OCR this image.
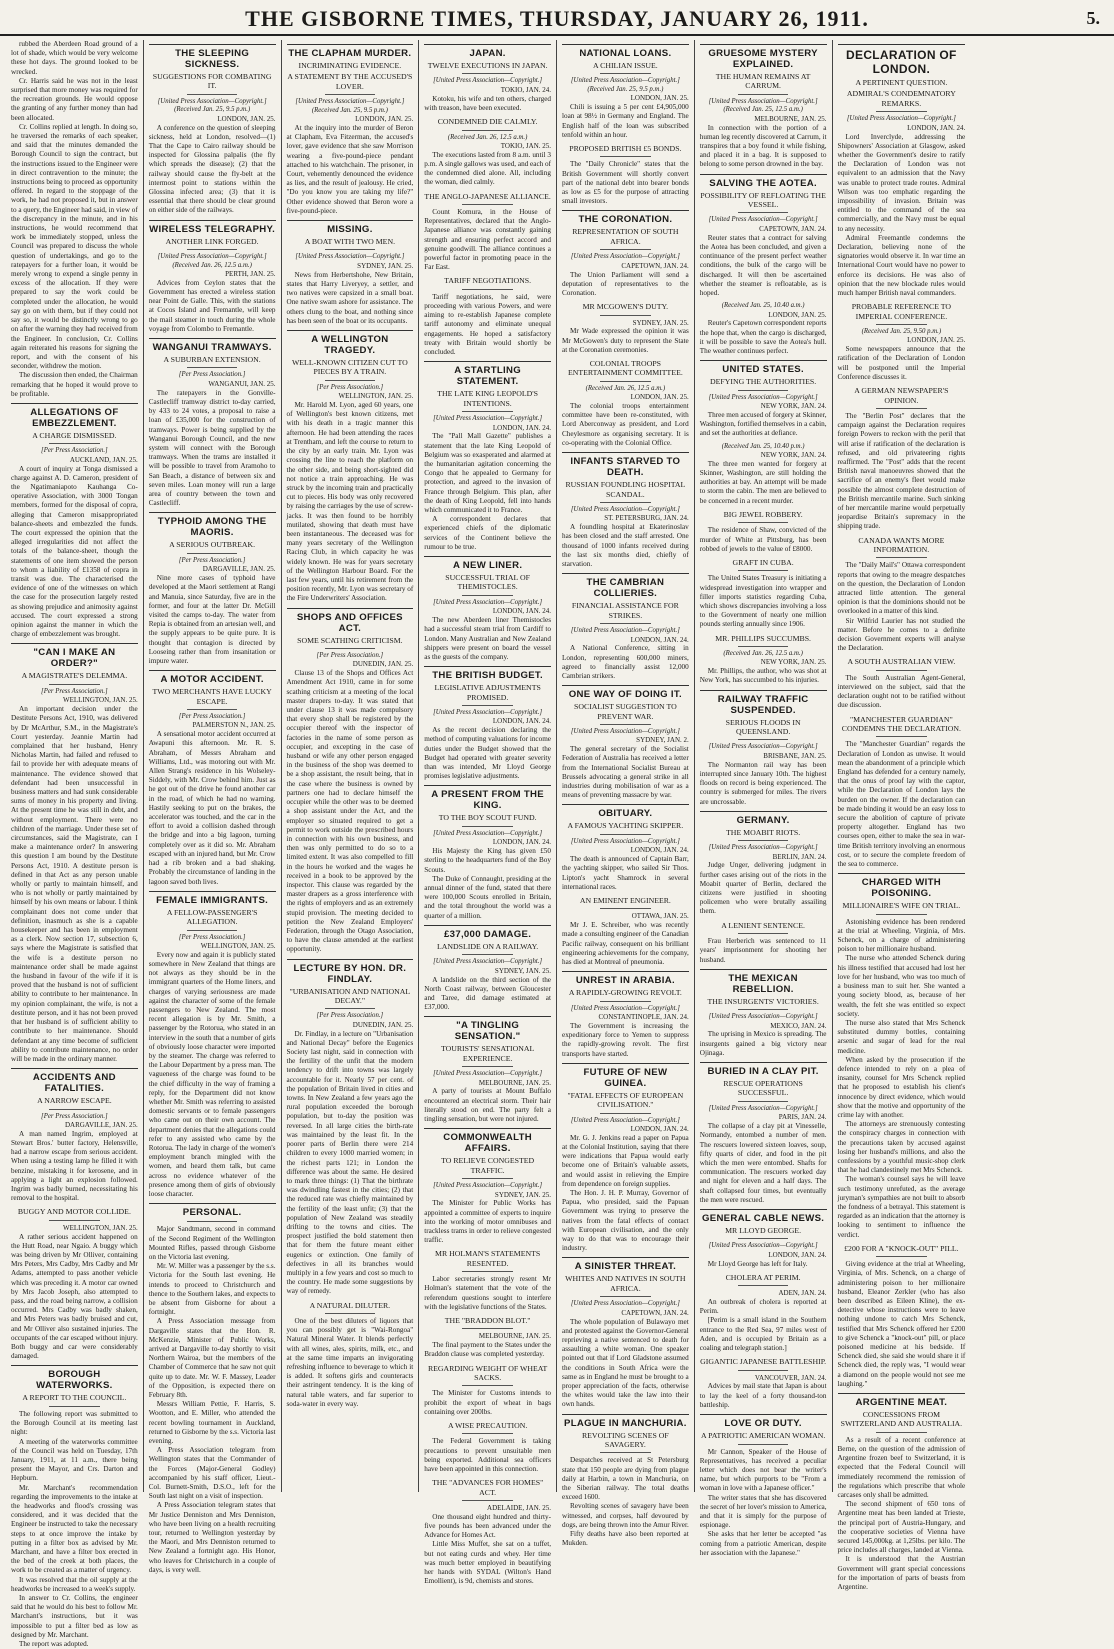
THE GISBORNE TIMES, THURSDAY, JANUARY 26, 1911.	5.

rubbed the Aberdeen Road ground of a lot of shade, which would be very welcome these hot days. The ground looked to be wrecked.

Cr. Harris said he was not in the least surprised that more money was required for the recreation grounds. He would oppose the granting of any further money than had been allocated.

Cr. Collins replied at length. In doing so, he traversed the remarks of each speaker, and said that the minutes demanded the Borough Council to sign the contract, but the instructions issued to the Engineer were in direct contravention to the minute; the instructions being to proceed as opportunity offered. In regard to the stoppage of the work, he had not proposed it, but in answer to a query, the Engineer had said, in view of the discrepancy in the minute, and in his instructions, he would recommend that work be immediately stopped, unless the Council was prepared to discuss the whole question of undertakings, and go to the ratepayers for a further loan, it would be merely wrong to expend a single penny in excess of the allocation. If they were prepared to say the work could be completed under the allocation, he would say go on with them, but if they could not say so, it would be distinctly wrong to go on after the warning they had received from the Engineer. In conclusion, Cr. Collins again reiterated his reasons for signing the report, and with the consent of his seconder, withdrew the motion.

The discussion then ended, the Chairman remarking that he hoped it would prove to be profitable.

ALLEGATIONS OF EMBEZZLEMENT.
A CHARGE DISMISSED.
[Per Press Association.]
AUCKLAND, JAN. 25.

A court of inquiry at Tonga dismissed a charge against A. D. Cameron, president of the Ngatimaniapoto Kauhanga Co-operative Association, with 3000 Tongan members, formed for the disposal of copra, alleging that Cameron misappropriated balance-sheets and embezzled the funds. The court expressed the opinion that the alleged irregularities did not affect the totals of the balance-sheet, though the statements of one item showed the person to whom a liability of £1358 of copra in transit was due. The characterised the evidence of one of the witnesses on which the case for the prosecution largely rested as showing prejudice and animosity against accused. The court expressed a strong opinion against the manner in which the charge of embezzlement was brought.

"CAN I MAKE AN ORDER?"
A MAGISTRATE'S DELEMMA.
[Per Press Association.]
WELLINGTON, JAN. 25.

An important decision under the Destitute Persons Act, 1910, was delivered by Dr McArthur, S.M., in the Magistrate's Court yesterday. Jeannie Martin had complained that her husband, Henry Nicholas Martin, had failed and refused to fail to provide her with adequate means of maintenance. The evidence showed that defendant had been unsuccessful in business matters and had sunk considerable sums of money in his property and living. At the present time he was still in debt, and without employment. There were no children of the marriage. Under these set of circumstances, said the Magistrate, can I make a maintenance order? In answering this question I am bound by the Destitute Persons Act, 1910. A destitute person is defined in that Act as any person unable wholly or partly to maintain himself, and who is not wholly or partly maintained by himself by his own means or labour. I think complainant does not come under that definition, inasmuch as she is a capable housekeeper and has been in employment as a clerk. Now section 17, subsection 6, says where the Magistrate is satisfied that the wife is a destitute person no maintenance order shall be made against the husband in favour of the wife if it is proved that the husband is not of sufficient ability to contribute to her maintenance. In my opinion complainant, the wife, is not a destitute person, and it has not been proved that her husband is of sufficient ability to contribute to her maintenance. Should defendant at any time become of sufficient ability to contribute maintenance, no order will be made in the ordinary manner.

ACCIDENTS AND FATALITIES.
A NARROW ESCAPE.
[Per Press Association.]
DARGAVILLE, JAN. 25.

A man named Ingrim, employed at Stewart Bros.' butter factory, Helensville, had a narrow escape from serious accident. When using a testing lamp he filled it with benzine, mistaking it for kerosene, and in applying a light an explosion followed. Ingrim was badly burned, necessitating his removal to the hospital.

BUGGY AND MOTOR COLLIDE.
WELLINGTON, JAN. 25.

A rather serious accident happened on the Hutt Road, near Ngaio. A buggy which was being driven by Mr Olliver, containing Mrs Peters, Mrs Cadby, Mrs Cadby and Mr Adams, attempted to pass another vehicle which was preceding it. A motor car owned by Mrs Jacob Joseph, also attempted to pass, and the road being narrow, a collision occurred. Mrs Cadby was badly shaken, and Mrs Peters was badly bruised and cut, and Mr Olliver also sustained injuries. The occupants of the car escaped without injury. Both buggy and car were considerably damaged.

BOROUGH WATERWORKS.
A REPORT TO THE COUNCIL.

The following report was submitted to the Borough Council at its meeting last night:

A meeting of the waterworks committee of the Council was held on Tuesday, 17th January, 1911, at 11 a.m., there being present the Mayor, and Crs. Darton and Hepburn.

Mr. Marchant's recommendation regarding the improvements to the intake at the headworks and flood's crossing was considered, and it was decided that the Engineer be instructed to take the necessary steps to at once improve the intake by putting in a filter box as advised by Mr. Marchant, and have a filter box erected in the bed of the creek at both places, the work to be created as a matter of urgency.

It was resolved that the oil supply at the headworks be increased to a week's supply.

In answer to Cr. Collins, the engineer said that he would do his best to follow Mr. Marchant's instructions, but it was impossible to put a filter bed as low as designed by Mr. Marchant.

The report was adopted.

THE SLEEPING SICKNESS.
SUGGESTIONS FOR COMBATING IT.
[United Press Association—Copyright.] (Received Jan. 25, 9.5 p.m.)
LONDON, JAN. 25.

A conference on the question of sleeping sickness, held at London, resolved—(1) That the Cape to Cairo railway should be inspected for Glossina palpalis (the fly which spreads the disease); (2) that the railway should cause the fly-belt at the intermost point to stations within the Glossina infected area; (3) that it is essential that there should be clear ground on either side of the railways.

WIRELESS TELEGRAPHY.
ANOTHER LINK FORGED.
[United Press Association—Copyright.] (Received Jan. 26, 12.5 a.m.)
PERTH, JAN. 25.

Advices from Ceylon states that the Government has erected a wireless station near Point de Galle. This, with the stations at Cocos Island and Fremantle, will keep the mail steamer in touch during the whole voyage from Colombo to Fremantle.

WANGANUI TRAMWAYS.
A SUBURBAN EXTENSION.
[Per Press Association.]
WANGANUI, JAN. 25.

The ratepayers in the Gonville-Castlecliff tramway district to-day carried, by 433 to 24 votes, a proposal to raise a loan of £35,000 for the construction of tramways. Power is being supplied by the Wanganui Borough Council, and the new system will connect with the Borough tramways. When the trams are installed it will be possible to travel from Aramoho to San Beach, a distance of between six and seven miles. Loan money will run a large area of country between the town and Castlecliff.

TYPHOID AMONG THE MAORIS.
A SERIOUS OUTBREAK.
[Per Press Association.]
DARGAVILLE, JAN. 25.

Nine more cases of typhoid have developed at the Maori settlement at Rangi and Manuia, since Saturday, five are in the former, and four at the latter Dr. McGill visited the camps to-day. The water from Repia is obtained from an artesian well, and the supply appears to be quite pure. It is thought that contagion is directed by Looseing rather than from insanitation or impure water.

A MOTOR ACCIDENT.
TWO MERCHANTS HAVE LUCKY ESCAPE.
[Per Press Association.]
PALMERSTON N., JAN. 25.

A sensational motor accident occurred at Awapuni this afternoon. Mr. R. S. Abraham, of Messrs Abraham and Williams, Ltd., was motoring out with Mr. Allen Strang's residence in his Wolseley-Siddely, with Mr. Crow behind him. Just as he got out of the drive he found another car in the road, of which he had no warning. Hastily seeking to put on the brakes, the accelerator was touched, and the car in the effort to avoid a collision dashed through the bridge and into a big lagoon, turning completely over as it did so. Mr. Abraham escaped with an injured hand, but Mr. Crow had a rib broken and a bad shaking. Probably the circumstance of landing in the lagoon saved both lives.

FEMALE IMMIGRANTS.
A FELLOW-PASSENGER'S ALLEGATION.
[Per Press Association.]
WELLINGTON, JAN. 25.

Every now and again it is publicly stated somewhere in New Zealand that things are not always as they should be in the immigrant quarters of the Home liners, and charges of varying seriousness are made against the character of some of the female passengers to New Zealand. The most recent allegation is by Mr. Smith, a passenger by the Rotorua, who stated in an interview in the south that a number of girls of obviously loose character were imported by the steamer. The charge was referred to the Labour Department by a press man. The vagueness of the charge was found to be the chief difficulty in the way of framing a reply, for the Department did not know whether Mr. Smith was referring to assisted domestic servants or to female passengers who came out on their own account. The department denies that the allegations could refer to any assisted who came by the Rotorua. The lady in charge of the women's employment branch mingled with the women, and heard them talk, but came across no evidence whatever of the presence among them of girls of obviously loose character.

PERSONAL.

Major Sandtmann, second in command of the Second Regiment of the Wellington Mounted Rifles, passed through Gisborne on the Victoria last evening.

Mr. W. Miller was a passenger by the s.s. Victoria for the South last evening. He intends to proceed to Christchurch and thence to the Southern lakes, and expects to be absent from Gisborne for about a fortnight.

A Press Association message from Dargaville states that the Hon. R. McKenzie, Minister of Public Works, arrived at Dargaville to-day shortly to visit Northern Wairoa, but the members of the Chamber of Commerce that he saw not quit quite up to date. Mr. W. F. Massey, Leader of the Opposition, is expected there on February 8th.

Messrs William Pettie, F. Harris, S. Wootton, and E. Miller, who attended the recent bowling tournament in Auckland, returned to Gisborne by the s.s. Victoria last evening.

A Press Association telegram from Wellington states that the Commander of the Forces (Major-General Godley) accompanied by his staff officer, Lieut.-Col. Burnett-Smith, D.S.O., left for the South last night on a visit of inspection.

A Press Association telegram states that Mr Justice Denniston and Mrs Denniston, who have been living on a health recruiting tour, returned to Wellington yesterday by the Maori, and Mrs Denniston returned to New Zealand a fortnight ago. His Honor, who leaves for Christchurch in a couple of days, is very well.

THE CLAPHAM MURDER.
INCRIMINATING EVIDENCE.
A STATEMENT BY THE ACCUSED'S LOVER.
[United Press Association—Copyright.] (Received Jan. 25, 9.5 p.m.)
LONDON, JAN. 25.

At the inquiry into the murder of Beron at Clapham, Eva Fitzerman, the accused's lover, gave evidence that she saw Morrison wearing a five-pound-piece pendant attached to his watchchain. The prisoner, in Court, vehemently denounced the evidence as lies, and the result of jealousy. He cried, "Do you know you are taking my life?" Other evidence showed that Beron wore a five-pound-piece.

MISSING.
A BOAT WITH TWO MEN.
[United Press Association—Copyright.]
SYDNEY, JAN. 25.

News from Herbertshohe, New Britain, states that Harry Liveryey, a settler, and two natives were capsized in a small boat. One native swam ashore for assistance. The others clung to the boat, and nothing since has been seen of the boat or its occupants.

A WELLINGTON TRAGEDY.
WELL-KNOWN CITIZEN CUT TO PIECES BY A TRAIN.
[Per Press Association.]
WELLINGTON, JAN. 25.

Mr. Harold M. Lyon, aged 60 years, one of Wellington's best known citizens, met with his death in a tragic manner this afternoon. He had been attending the races at Trentham, and left the course to return to the city by an early train. Mr. Lyon was crossing the line to reach the platform on the other side, and being short-sighted did not notice a train approaching. He was struck by the incoming train and practically cut to pieces. His body was only recovered by raising the carriages by the use of screw-jacks. It was then found to be horribly mutilated, showing that death must have been instantaneous. The deceased was for many years secretary of the Wellington Racing Club, in which capacity he was widely known. He was for years secretary of the Wellington Harbour Board. For the last few years, until his retirement from the position recently, Mr. Lyon was secretary of the Fire Underwriters' Association.

SHOPS AND OFFICES ACT.
SOME SCATHING CRITICISM.
[Per Press Association.]
DUNEDIN, JAN. 25.

Clause 13 of the Shops and Offices Act Amendment Act 1910, came in for some scathing criticism at a meeting of the local master drapers to-day. It was stated that under clause 13 it was made compulsory that every shop shall be registered by the occupier thereof with the inspector of factories in the name of some person as occupier, and excepting in the case of husband or wife any other person engaged in the business of the shop was deemed to be a shop assistant, the result being, that in the case where the business is owned by partners one had to declare himself the occupier while the other was to be deemed a shop assistant under the Act, and the employer so situated required to get a permit to work outside the prescribed hours in connection with his own business, and then was only permitted to do so to a limited extent. It was also compelled to fill in the hours he worked and the wages he received in a book to be approved by the inspector. This clause was regarded by the master drapers as a gross interference with the rights of employers and as an extremely stupid provision. The meeting decided to petition the New Zealand Employers' Federation, through the Otago Association, to have the clause amended at the earliest opportunity.

LECTURE BY HON. DR. FINDLAY.
"URBANISATION AND NATIONAL DECAY."
[Per Press Association.]
DUNEDIN, JAN. 25.

Dr. Findlay, in a lecture on "Urbanisation and National Decay" before the Eugenics Society last night, said in connection with the fertility of the unfit that the modern tendency to drift into towns was largely accountable for it. Nearly 57 per cent. of the population of Britain lived in cities and towns. In New Zealand a few years ago the rural population exceeded the borough population, but to-day the position was reversed. In all large cities the birth-rate was maintained by the least fit. In the poorer parts of Berlin there were 214 children to every 1000 married women; in the richest parts 121; in London the difference was about the same. He desired to mark three things: (1) That the birthrate was dwindling fastest in the cities; (2) that the reduced rate was chiefly maintained by the fertility of the least unfit; (3) that the population of New Zealand was steadily drifting to the towns and cities. The prospect justified the bold statement then that for them the future meant either eugenics or extinction. One family of defectives in all its branches would multiply in a few years and cost so much to the country. He made some suggestions by way of remedy.

A NATURAL DILUTER.

One of the best diluters of liquors that you can possibly get is "Wai-Rongoa" Natural Mineral Water. It blends perfectly with all wines, ales, spirits, milk, etc., and at the same time imparts an invigorating refreshing influence to beverage to which it is added. It softens girls and counteracts their astringent tendency. It is the king of natural table waters, and far superior to soda-water in every way.

JAPAN.
TWELVE EXECUTIONS IN JAPAN.
[United Press Association—Copyright.]
TOKIO, JAN. 24.

Kotoku, his wife and ten others, charged with treason, have been executed.

CONDEMNED DIE CALMLY.
(Received Jan. 26, 12.5 a.m.)
TOKIO, JAN. 25.

The executions lasted from 8 a.m. until 3 p.m. A single gallows was used, and each of the condemned died alone. All, including the woman, died calmly.

THE ANGLO-JAPANESE ALLIANCE.

Count Komura, in the House of Representatives, declared that the Anglo-Japanese alliance was constantly gaining strength and ensuring perfect accord and genuine goodwill. The alliance continues a powerful factor in promoting peace in the Far East.

TARIFF NEGOTIATIONS.

Tariff negotiations, he said, were proceeding with various Powers, and were aiming to re-establish Japanese complete tariff autonomy and eliminate unequal engagements. He hoped a satisfactory treaty with Britain would shortly be concluded.

A STARTLING STATEMENT.
THE LATE KING LEOPOLD'S INTENTIONS.
[United Press Association—Copyright.]
LONDON, JAN. 24.

The "Pall Mall Gazette" publishes a statement that the late King Leopold of Belgium was so exasperated and alarmed at the humanitarian agitation concerning the Congo that he appealed to Germany for protection, and agreed to the invasion of France through Belgium. This plan, after the death of King Leopold, fell into hands which communicated it to France.

A correspondent declares that experienced chiefs of the diplomatic services of the Continent believe the rumour to be true.

A NEW LINER.
SUCCESSFUL TRIAL OF THEMISTOCLES.
[United Press Association—Copyright.]
LONDON, JAN. 24.

The new Aberdeen liner Themistocles had a successful steam trial from Cardiff to London. Many Australian and New Zealand shippers were present on board the vessel as the guests of the company.

THE BRITISH BUDGET.
LEGISLATIVE ADJUSTMENTS PROMISED.
[United Press Association—Copyright.]
LONDON, JAN. 24.

As the recent decision declaring the method of computing valuations for income duties under the Budget showed that the Budget had operated with greater severity than was intended, Mr Lloyd George promises legislative adjustments.

A PRESENT FROM THE KING.
TO THE BOY SCOUT FUND.
[United Press Association—Copyright.]
LONDON, JAN. 24.

His Majesty the King has given £50 sterling to the headquarters fund of the Boy Scouts.

The Duke of Connaught, presiding at the annual dinner of the fund, stated that there were 100,000 Scouts enrolled in Britain, and the total throughout the world was a quarter of a million.

£37,000 DAMAGE.
LANDSLIDE ON A RAILWAY.
[United Press Association—Copyright.]
SYDNEY, JAN. 25.

A landslide on the third section of the North Coast railway, between Gloucester and Taree, did damage estimated at £37,000.

"A TINGLING SENSATION."
TOURISTS' SENSATIONAL EXPERIENCE.
[United Press Association—Copyright.]
MELBOURNE, JAN. 25.

A party of tourists at Mount Buffalo encountered an electrical storm. Their hair literally stood on end. The party felt a tingling sensation, but were not injured.

COMMONWEALTH AFFAIRS.
TO RELIEVE CONGESTED TRAFFIC.
[United Press Association—Copyright.]
SYDNEY, JAN. 25.

The Minister for Public Works has appointed a committee of experts to inquire into the working of motor omnibuses and trackless trams in order to relieve congested traffic.

MR HOLMAN'S STATEMENTS RESENTED.

Labor secretaries strongly resent Mr Holman's statement that the vote of the referendum questions sought to interfere with the legislative functions of the States.

THE "BRADDON BLOT."
MELBOURNE, JAN. 25.

The final payment to the States under the Braddon clause was completed yesterday.

REGARDING WEIGHT OF WHEAT SACKS.

The Minister for Customs intends to prohibit the export of wheat in bags containing over 200lbs.

A WISE PRECAUTION.

The Federal Government is taking precautions to prevent unsuitable men being exported. Additional sea officers have been appointed in this connection.

THE "ADVANCES FOR HOMES" ACT.
ADELAIDE, JAN. 25.

One thousand eight hundred and thirty-five pounds has been advanced under the Advance for Homes Act.

Little Miss Muffet, she sat on a tuffet, but not eating curds and whey. Her time was much better employed in beautifying her hands with SYDAL (Wilton's Hand Emollient), is 9d, chemists and stores.

NATIONAL LOANS.
A CHILIAN ISSUE.
[United Press Association—Copyright.] (Received Jan. 25, 9.5 p.m.)
LONDON, JAN. 25.

Chili is issuing a 5 per cent £4,905,000 loan at 98½ in Germany and England. The English half of the loan was subscribed tenfold within an hour.

PROPOSED BRITISH £5 BONDS.

The "Daily Chronicle" states that the British Government will shortly convert part of the national debt into bearer bonds as low as £5 for the purpose of attracting small investors.

THE CORONATION.
REPRESENTATION OF SOUTH AFRICA.
[United Press Association—Copyright.]
CAPETOWN, JAN. 24.

The Union Parliament will send a deputation of representatives to the Coronation.

MR MCGOWEN'S DUTY.
SYDNEY, JAN. 25.

Mr Wade expressed the opinion it was Mr McGowen's duty to represent the State at the Coronation ceremonies.

COLONIAL TROOPS ENTERTAINMENT COMMITTEE.
(Received Jan. 26, 12.5 a.m.)
LONDON, JAN. 25.

The colonial troops entertainment committee have been re-constituted, with Lord Aberconway as president, and Lord Cheylesmore as organising secretary. It is co-operating with the Colonial Office.

INFANTS STARVED TO DEATH.
RUSSIAN FOUNDLING HOSPITAL SCANDAL.
[United Press Association—Copyright.]
ST. PETERSBURG, JAN. 24.

A foundling hospital at Ekaterinoslav has been closed and the staff arrested. One thousand of 1000 infants received during the last six months died, chiefly of starvation.

THE CAMBRIAN COLLIERIES.
FINANCIAL ASSISTANCE FOR STRIKES.
[United Press Association—Copyright.]
LONDON, JAN. 24.

A National Conference, sitting in London, representing 600,000 miners, agreed to financially assist 12,000 Cambrian strikers.

ONE WAY OF DOING IT.
SOCIALIST SUGGESTION TO PREVENT WAR.
[United Press Association—Copyright.]
SYDNEY, JAN. 2.

The general secretary of the Socialist Federation of Australia has received a letter from the International Socialist Bureau at Brussels advocating a general strike in all industries during mobilisation of war as a means of preventing massacre by war.

OBITUARY.
A FAMOUS YACHTING SKIPPER.
[United Press Association—Copyright.]
LONDON, JAN. 24.

The death is announced of Captain Barr, the yachting skipper, who sailed Sir Thos. Lipton's yacht Shamrock in several international races.

AN EMINENT ENGINEER.
OTTAWA, JAN. 25.

Mr J. E. Schreiber, who was recently made a consulting engineer of the Canadian Pacific railway, consequent on his brilliant engineering achievements for the company, has died at Montreal of pneumonia.

UNREST IN ARABIA.
A RAPIDLY-GROWING REVOLT.
[United Press Association—Copyright.]
CONSTANTINOPLE, JAN. 24.

The Government is increasing the expeditionary force to Yemen to suppress the rapidly-growing revolt. The first transports have started.

FUTURE OF NEW GUINEA.
"FATAL EFFECTS OF EUROPEAN CIVILISATION."
[United Press Association—Copyright.]
LONDON, JAN. 24.

Mr. G. J. Jenkins read a paper on Papua at the Colonial Institution, saying that there were indications that Papua would early become one of Britain's valuable assets, and would assist in relieving the Empire from dependence on foreign supplies.

The Hon. J. H. P. Murray, Governor of Papua, who presided, said the Papuan Government was trying to preserve the natives from the fatal effects of contact with European civilisation, and the only way to do that was to encourage their industry.

A SINISTER THREAT.
WHITES AND NATIVES IN SOUTH AFRICA.
[United Press Association—Copyright.]
CAPETOWN, JAN. 24.

The whole population of Bulawayo met and protested against the Governor-General reprieving a native sentenced to death for assaulting a white woman. One speaker pointed out that if Lord Gladstone assumed the conditions in South Africa were the same as in England he must be brought to a proper appreciation of the facts, otherwise the whites would take the law into their own hands.

PLAGUE IN MANCHURIA.
REVOLTING SCENES OF SAVAGERY.

Despatches received at St Petersburg state that 150 people are dying from plague daily at Harbin, a town in Manchuria, on the Siberian railway. The total deaths exceed 1600.

Revolting scenes of savagery have been witnessed, and corpses, half devoured by dogs, are being thrown into the Amur River.

Fifty deaths have also been reported at Mukden.

GRUESOME MYSTERY EXPLAINED.
THE HUMAN REMAINS AT CARRUM.
[United Press Association—Copyright.] (Received Jan. 25, 12.5 a.m.)
MELBOURNE, JAN. 25.

In connection with the portion of a human leg recently discovered at Carrum, it transpires that a boy found it while fishing, and placed it in a bag. It is supposed to belong to some person drowned in the bay.

SALVING THE AOTEA.
POSSIBILITY OF REFLOATING THE VESSEL.
[United Press Association—Copyright.]
CAPETOWN, JAN. 24.

Reuter states that a contract for salving the Aotea has been concluded, and given a continuance of the present perfect weather conditions, the bulk of the cargo will be discharged. It will then be ascertained whether the steamer is refloatable, as is hoped.

(Received Jan. 25, 10.40 a.m.)
LONDON, JAN. 25.

Reuter's Capetown correspondent reports the hope that, when the cargo is discharged, it will be possible to save the Aotea's hull. The weather continues perfect.

UNITED STATES.
DEFYING THE AUTHORITIES.
[United Press Association—Copyright.]
NEW YORK, JAN. 24.

Three men accused of forgery at Skinner, Washington, fortified themselves in a cabin, and set the authorities at defiance.

(Received Jan. 25, 10.40 p.m.)
NEW YORK, JAN. 24.

The three men wanted for forgery at Skinner, Washington, are still holding the authorities at bay. An attempt will be made to storm the cabin. The men are believed to be concerned in a recent murder.

BIG JEWEL ROBBERY.

The residence of Shaw, convicted of the murder of White at Pittsburg, has been robbed of jewels to the value of £8000.

GRAFT IN CUBA.

The United States Treasury is initiating a widespread investigation into wrapper and filler imports statistics regarding Cuba, which shows discrepancies involving a loss to the Government of nearly one million pounds sterling annually since 1906.

MR. PHILLIPS SUCCUMBS.
(Received Jan. 26, 12.5 a.m.)
NEW YORK, JAN. 25.

Mr. Phillips, the author, who was shot at New York, has succumbed to his injuries.

RAILWAY TRAFFIC SUSPENDED.
SERIOUS FLOODS IN QUEENSLAND.
[United Press Association—Copyright.]
BRISBANE, JAN. 25.

The Normanton rail way has been interrupted since January 10th. The highest floods on record is being experienced. The country is submerged for miles. The rivers are uncrossable.

GERMANY.
THE MOABIT RIOTS.
[United Press Association—Copyright.]
BERLIN, JAN. 24.

Judge Unger, delivering judgment in further cases arising out of the riots in the Moabit quarter of Berlin, declared the citizens were justified in shooting policemen who were brutally assailing them.

A LENIENT SENTENCE.

Frau Herberich was sentenced to 11 years' imprisonment for shooting her husband.

THE MEXICAN REBELLION.
THE INSURGENTS' VICTORIES.
[United Press Association—Copyright.]
MEXICO, JAN. 24.

The uprising in Mexico is spreading. The insurgents gained a big victory near Ojinaga.

BURIED IN A CLAY PIT.
RESCUE OPERATIONS SUCCESSFUL.
[United Press Association—Copyright.]
PARIS, JAN. 24.

The collapse of a clay pit at Vinesselle, Normandy, entombed a number of men. The rescuers lowered sixteen loaves, soup, fifty quarts of cider, and food in the pit which the men were entombed. Shafts for communication. The rescuers worked day and night for eleven and a half days. The shaft collapsed four times, but eventually the men were rescued.

GENERAL CABLE NEWS.
MR LLOYD GEORGE.
[United Press Association—Copyright.]
LONDON, JAN. 24.

Mr Lloyd George has left for Italy.

CHOLERA AT PERIM.
ADEN, JAN. 24.

An outbreak of cholera is reported at Perim.

[Perim is a small island in the Southern entrance to the Red Sea, 97 miles west of Aden, and is occupied by Britain as a coaling and telegraph station.]

GIGANTIC JAPANESE BATTLESHIP.
VANCOUVER, JAN. 24.

Advices by mail state that Japan is about to lay the keel of a forty thousand-ton battleship.

LOVE OR DUTY.
A PATRIOTIC AMERICAN WOMAN.

Mr Cannon, Speaker of the House of Representatives, has received a peculiar letter which does not bear the writer's name, but which purports to be "From a woman in love with a Japanese officer."

The writer states that she has discovered the secret of her lover's mission to America, and that it is simply for the purpose of espionage.

She asks that her letter be accepted "as coming from a patriotic American, despite her association with the Japanese."

DECLARATION OF LONDON.
A PERTINENT QUESTION.
ADMIRAL'S CONDEMNATORY REMARKS.
[United Press Association—Copyright.]
LONDON, JAN. 24.

Lord Inverclyde, addressing the Shipowners' Association at Glasgow, asked whether the Government's desire to ratify the Declaration of London was not equivalent to an admission that the Navy was unable to protect trade routes. Admiral Wilson was too emphatic regarding the impossibility of invasion. Britain was entitled to the command of the sea commercially, and the Navy must be equal to any necessity.

Admiral Freemantle condemns the Declaration, believing none of the signatories would observe it. In war time an International Court would have no power to enforce its decisions. He was also of opinion that the new blockade rules would much hamper British naval commanders.

PROBABLE REFERENCE TO IMPERIAL CONFERENCE.
(Received Jan. 25, 9.50 p.m.)
LONDON, JAN. 25.

Some newspapers announce that the ratification of the Declaration of London will be postponed until the Imperial Conference discusses it.

A GERMAN NEWSPAPER'S OPINION.

The "Berlin Post" declares that the campaign against the Declaration requires foreign Powers to reckon with the peril that will arise if ratification of the declaration is refused, and old privateering rights reaffirmed. The "Post" adds that the recent British naval manoeuvres showed that the sacrifice of an enemy's fleet would make possible the almost complete destruction of the British mercantile marine. Such sinking of her mercantile marine would perpetually jeopardise Britain's supremacy in the shipping trade.

CANADA WANTS MORE INFORMATION.

The "Daily Mail's" Ottawa correspondent reports that owing to the meagre despatches on the question, the Declaration of London attracted little attention. The general opinion is that the dominions should not be overlooked in a matter of this kind.

Sir Wilfrid Laurier has not studied the matter. Before he comes to a definite decision Government experts will analyse the Declaration.

A SOUTH AUSTRALIAN VIEW.

The South Australian Agent-General, interviewed on the subject, said that the declaration ought not to be ratified without due discussion.

"MANCHESTER GUARDIAN" CONDEMNS THE DECLARATION.

The "Manchester Guardian" regards the Declaration of London as unwise. It would mean the abandonment of a principle which England has defended for a century namely, that the onus of proof lay with the captor, while the Declaration of London lays the burden on the owner. If the declaration can be made binding it would be an easy loss to secure the abolition of capture of private property altogether. England has two courses open, either to make the sea in war-time British territory involving an enormous cost, or to secure the complete freedom of the sea to commerce.

CHARGED WITH POISONING.
MILLIONAIRE'S WIFE ON TRIAL.

Astonishing evidence has been rendered at the trial at Wheeling, Virginia, of Mrs. Schenck, on a charge of administering poison to her millionaire husband.

The nurse who attended Schenck during his illness testified that accused had lost her love for her husband, who was too much of a business man to suit her. She wanted a young society blood, as, because of her wealth, the felt she was entitled so expect society.

The nurse also stated that Mrs Schenck substituted dummy bottles, containing arsenic and sugar of lead for the real medicine.

When asked by the prosecution if the defence intended to rely on a plea of insanity, counsel for Mrs Schenck replied that he proposed to establish his client's innocence by direct evidence, which would show that the motive and opportunity of the crime lay with another.

The attorneys are strenuously contesting the conspiracy charges in connection with the precautions taken by accused against losing her husband's millions, and also the confessions by a youthful music-shop clerk that he had clandestinely met Mrs Schenck.

The woman's counsel says he will leave such testimony unrefuted, as the average juryman's sympathies are not built to absorb the fondness of a betrayal. This statement is regarded as an indication that the attorney is looking to sentiment to influence the verdict.

£200 FOR A "KNOCK-OUT" PILL.

Giving evidence at the trial at Wheeling, Virginia, of Mrs. Schenck, on a charge of administering poison to her millionaire husband, Eleanor Zerkler (who has also been described as Eileen Kline), the ex-detective whose instructions were to leave nothing undone to catch Mrs Schenck, testified that Mrs Schenck offered her £200 to give Schenck a "knock-out" pill, or place poisoned medicine at his bedside. If Schenck died, she said she would share it if Schenck died, the reply was, "I would wear a diamond on the people would not see me laughing."

ARGENTINE MEAT.
CONCESSIONS FROM SWITZERLAND AND AUSTRALIA.

As a result of a recent conference at Berne, on the question of the admission of Argentine frozen beef to Switzerland, it is expected that the Federal Council will immediately recommend the remission of the regulations which prescribe that whole carcases only shall be admitted.

The second shipment of 650 tons of Argentine meat has been landed at Trieste, the principal port of Austria-Hungary, and the cooperative societies of Vienna have secured 145,000kg. at 1,25lbs. per kilo. The price includes all charges, landed at Vienna.

It is understood that the Austrian Government will grant special concessions for the importation of parts of beasts from Argentine.
